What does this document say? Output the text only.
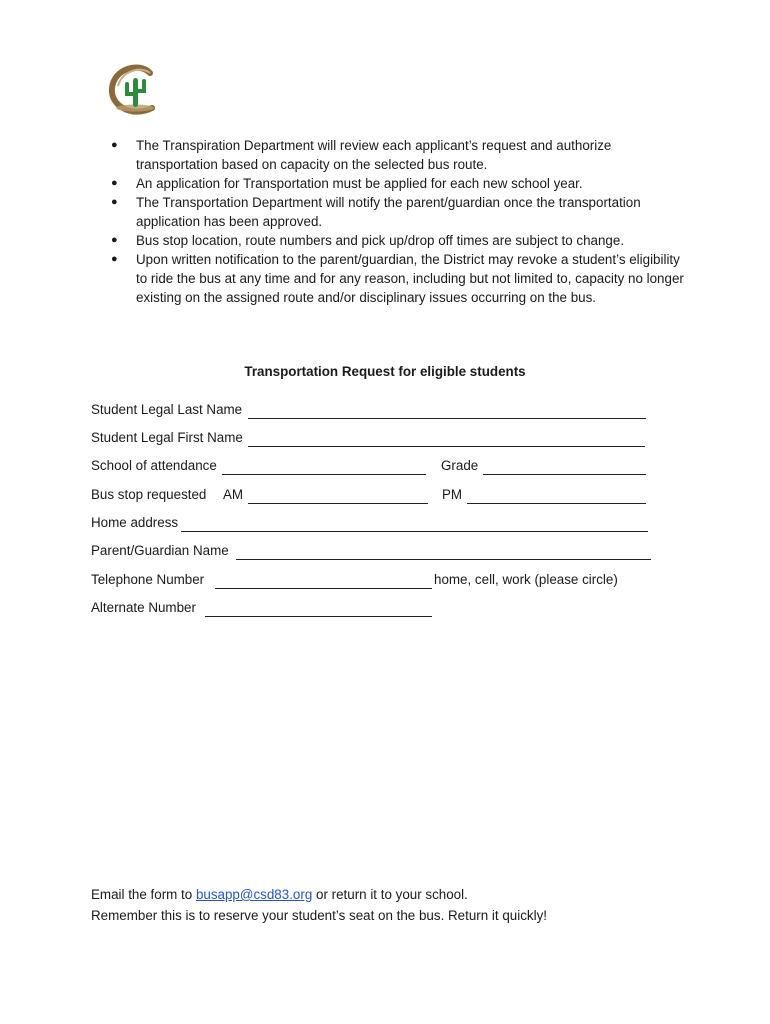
● The Transpiration Department will review each applicant’s request and authorize transportation based on capacity on the selected bus route.
● An application for Transportation must be applied for each new school year.
● The Transportation Department will notify the parent/guardian once the transportation application has been approved.
● Bus stop location, route numbers and pick up/drop off times are subject to change.
● Upon written notification to the parent/guardian, the District may revoke a student’s eligibility to ride the bus at any time and for any reason, including but not limited to, capacity no longer existing on the assigned route and/or disciplinary issues occurring on the bus.
Transportation Request for eligible students
Student Legal Last Name
Student Legal First Name
School of attendance	Grade
Bus stop requested AM	PM
Home address
Parent/Guardian Name
Telephone Number	home, cell, work (please circle)
Alternate Number
Email the form to busapp@csd83.org or return it to your school.
Remember this is to reserve your student’s seat on the bus. Return it quickly!
